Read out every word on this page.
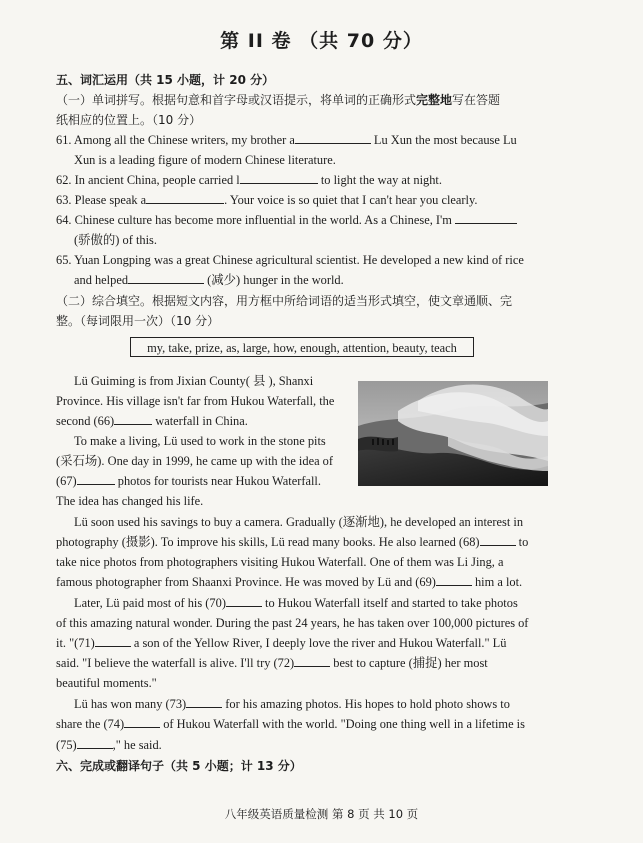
第 II 卷 （共 70 分）
五、词汇运用（共 15 小题，计 20 分）
（一）单词拼写。根据句意和首字母或汉语提示，将单词的正确形式完整地写在答题
纸相应的位置上。（10 分）
61. Among all the Chinese writers, my brother a	Lu Xun the most because Lu
Xun is a leading figure of modern Chinese literature.
62. In ancient China, people carried l	to light the way at night.
63. Please speak a	. Your voice is so quiet that I can't hear you clearly.
64. Chinese culture has become more influential in the world. As a Chinese, I'm
(骄傲的) of this.
65. Yuan Longping was a great Chinese agricultural scientist. He developed a new kind of rice
and helped	(减少) hunger in the world.
（二）综合填空。根据短文内容，用方框中所给词语的适当形式填空，使文章通顺、完
整。（每词限用一次）（10 分）
my, take, prize, as, large, how, enough, attention, beauty, teach
Lü Guiming is from Jixian County( 县 ), Shanxi
Province. His village isn't far from Hukou Waterfall, the
second (66)	waterfall in China.
To make a living, Lü used to work in the stone pits
(采石场). One day in 1999, he came up with the idea of
(67)	photos for tourists near Hukou Waterfall.
The idea has changed his life.
Lü soon used his savings to buy a camera. Gradually (逐渐地), he developed an interest in
photography (摄影). To improve his skills, Lü read many books. He also learned (68)	to
take nice photos from photographers visiting Hukou Waterfall. One of them was Li Jing, a
famous photographer from Shaanxi Province. He was moved by Lü and (69)	him a lot.
Later, Lü paid most of his (70)	to Hukou Waterfall itself and started to take photos
of this amazing natural wonder. During the past 24 years, he has taken over 100,000 pictures of
it. "(71)	a son of the Yellow River, I deeply love the river and Hukou Waterfall." Lü
said. "I believe the waterfall is alive. I'll try (72)	best to capture (捕捉) her most
beautiful moments."
Lü has won many (73)	for his amazing photos. His hopes to hold photo shows to
share the (74)	of Hukou Waterfall with the world. "Doing one thing well in a lifetime is
(75)	," he said.
六、完成或翻译句子（共 5 小题；计 13 分）
八年级英语质量检测 第 8 页 共 10 页
